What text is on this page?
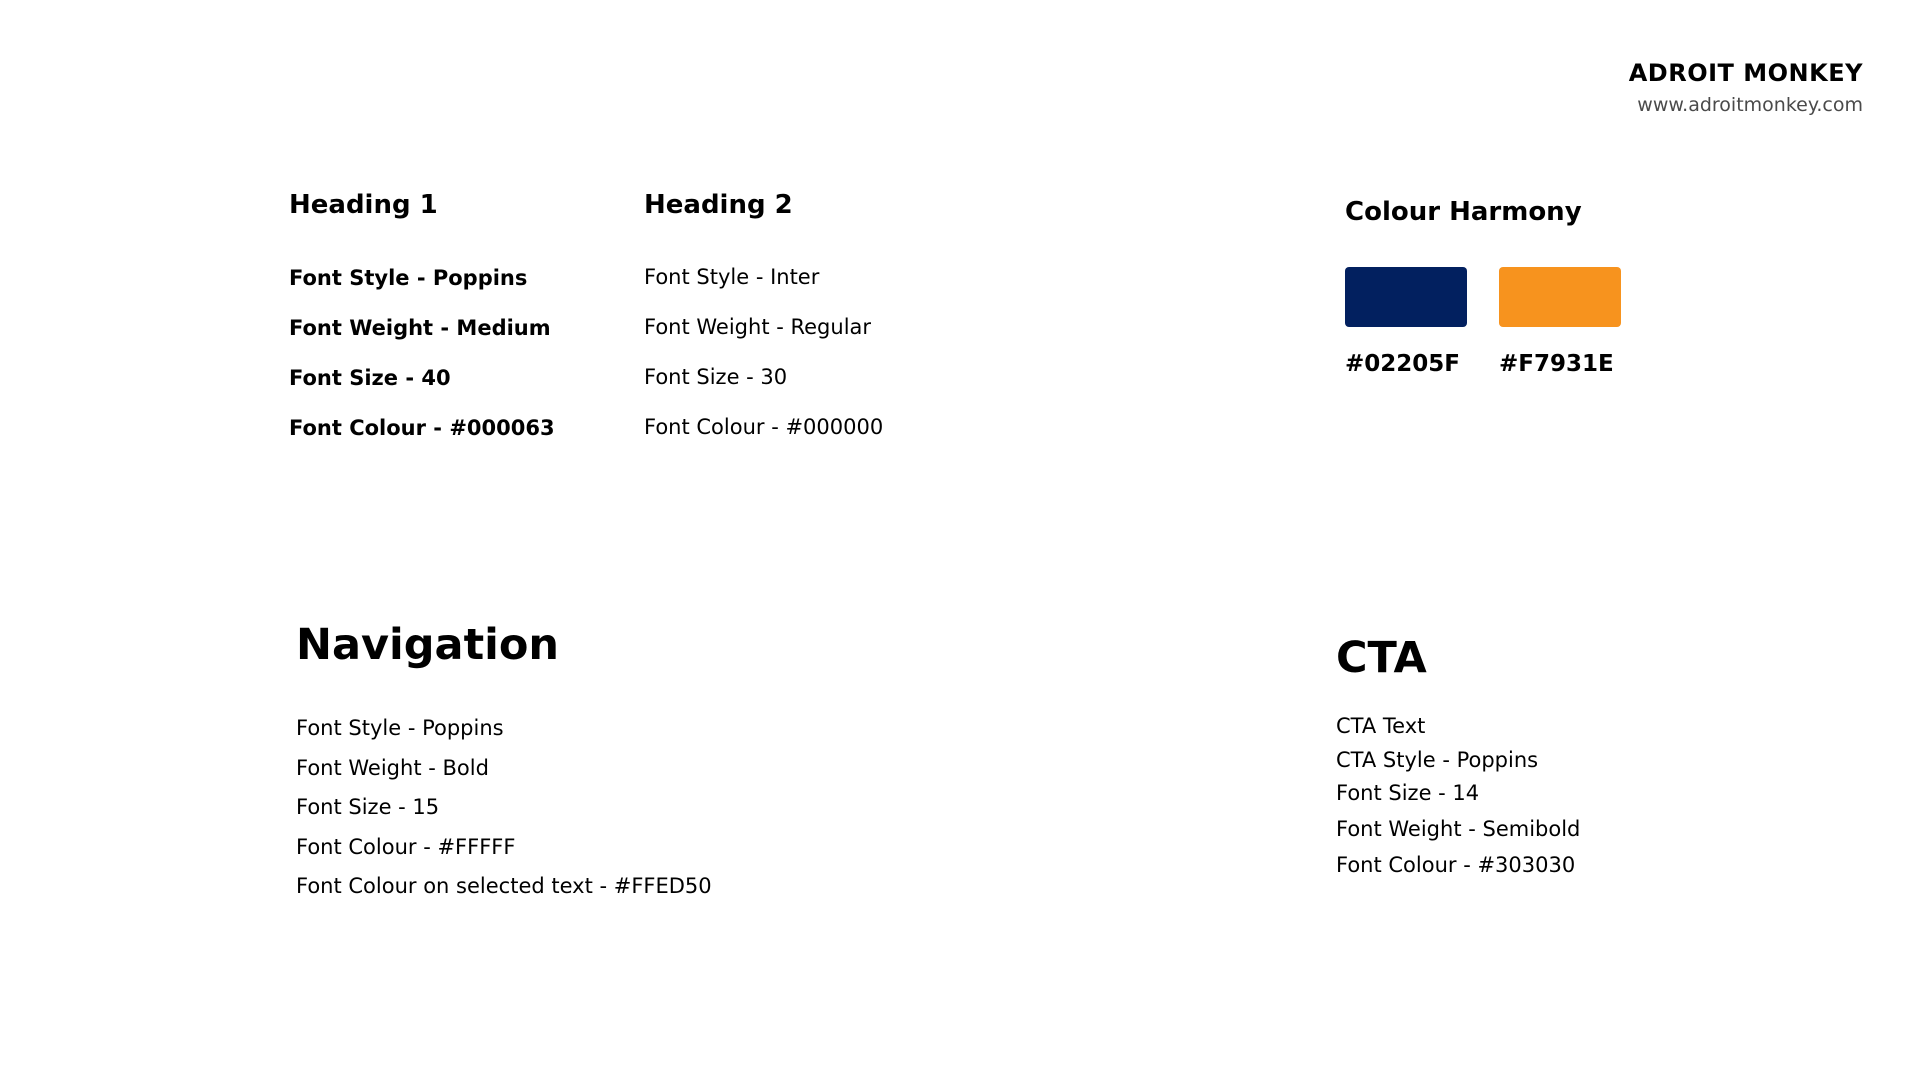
ADROIT MONKEY
www.adroitmonkey.com
Heading 1
Font Style - Poppins
Font Weight - Medium
Font Size - 40
Font Colour - #000063
Heading 2
Font Style - Inter
Font Weight - Regular
Font Size - 30
Font Colour - #000000
Colour Harmony
#02205F #F7931E
Navigation
Font Style - Poppins
Font Weight - Bold
Font Size - 15
Font Colour - #FFFFF
Font Colour on selected text - #FFED50
CTA
CTA Text
CTA Style - Poppins
Font Size - 14
Font Weight - Semibold
Font Colour - #303030
